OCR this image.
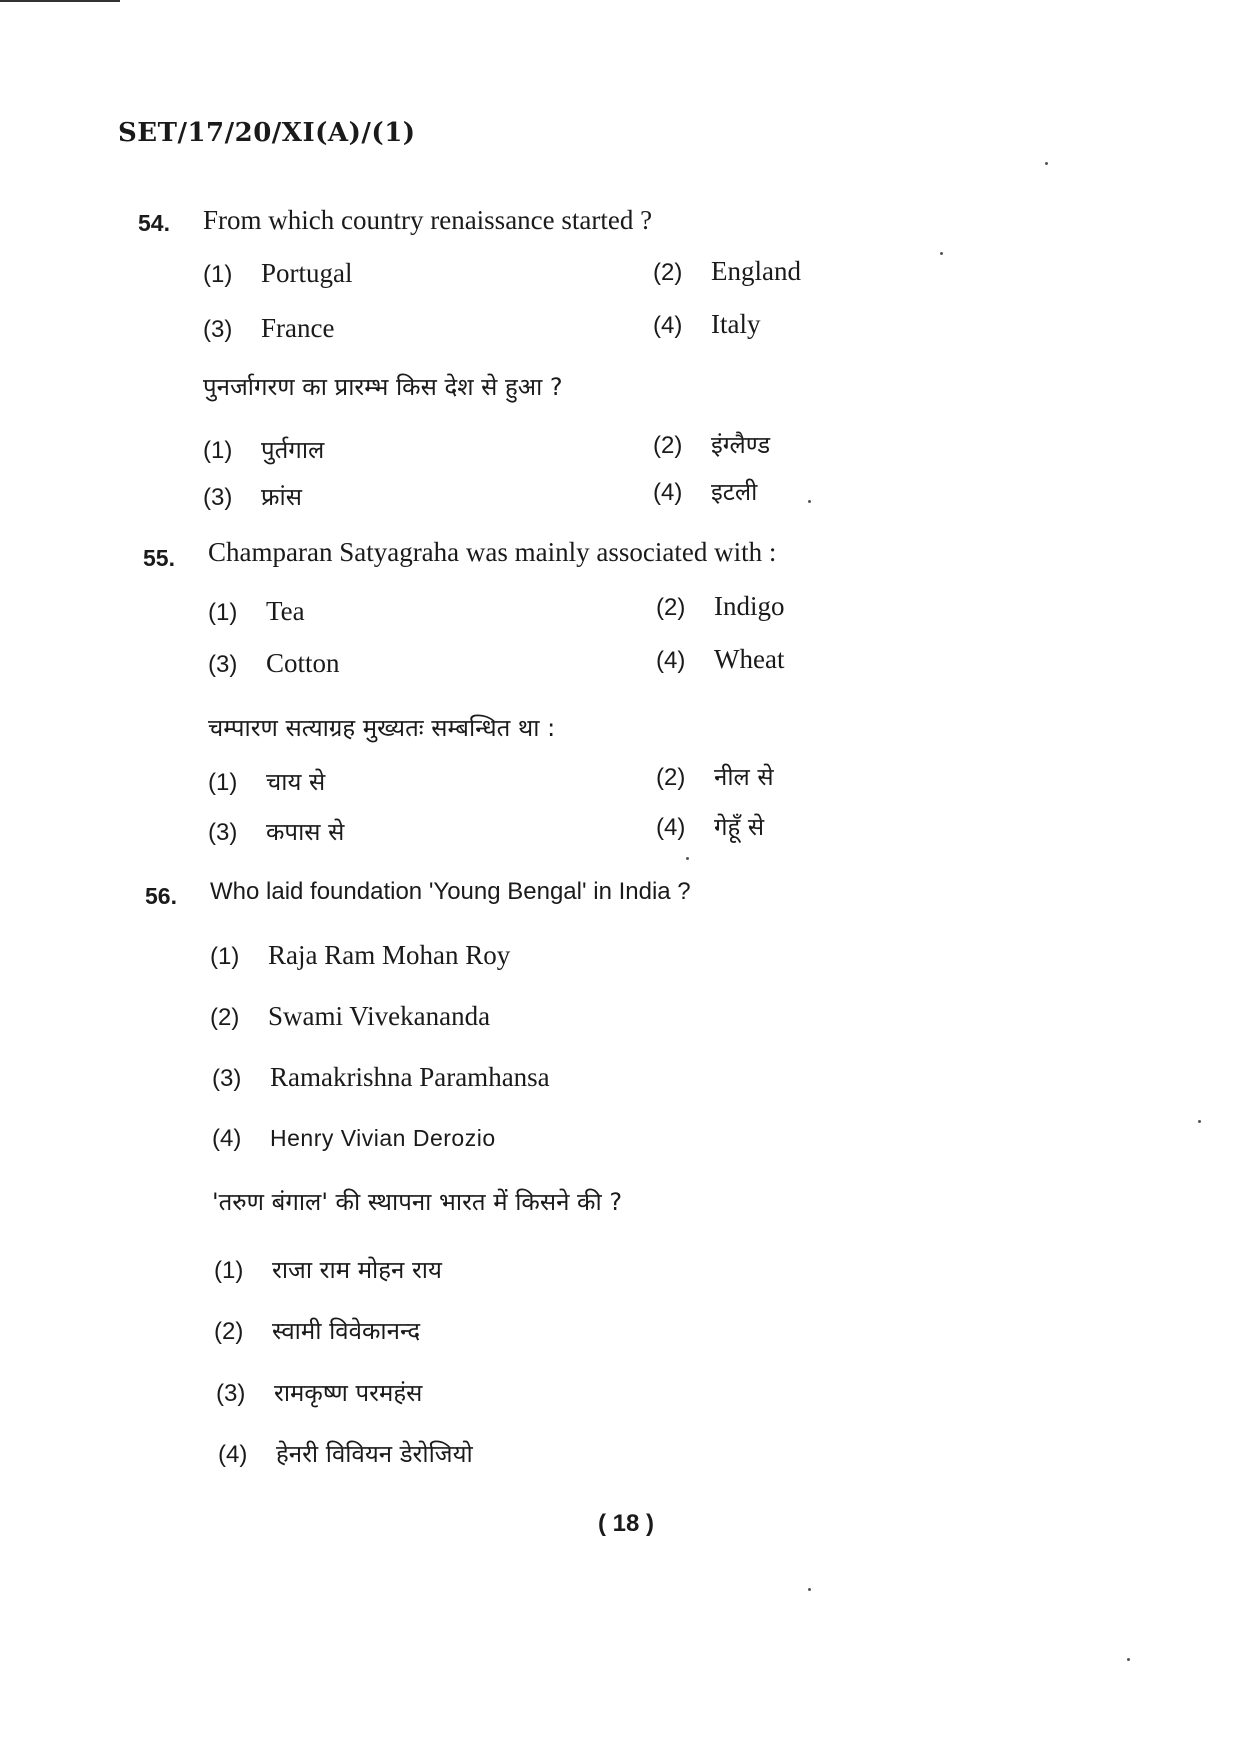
SET/17/20/XI(A)/(1)
54. From which country renaissance started ?
(1) Portugal	(2) England
(3) France	(4) Italy
पुनर्जागरण का प्रारम्भ किस देश से हुआ ?
(1) पुर्तगाल	(2) इंग्लैण्ड
(3) फ्रांस	(4) इटली
55. Champaran Satyagraha was mainly associated with :
(1) Tea	(2) Indigo
(3) Cotton	(4) Wheat
चम्पारण सत्याग्रह मुख्यतः सम्बन्धित था :
(1) चाय से	(2) नील से
(3) कपास से	(4) गेहूँ से
56. Who laid foundation 'Young Bengal' in India ?
(1) Raja Ram Mohan Roy
(2) Swami Vivekananda
(3) Ramakrishna Paramhansa
(4) Henry Vivian Derozio
'तरुण बंगाल' की स्थापना भारत में किसने की ?
(1) राजा राम मोहन राय
(2) स्वामी विवेकानन्द
(3) रामकृष्ण परमहंस
(4) हेनरी विवियन डेरोजियो
( 18 )
